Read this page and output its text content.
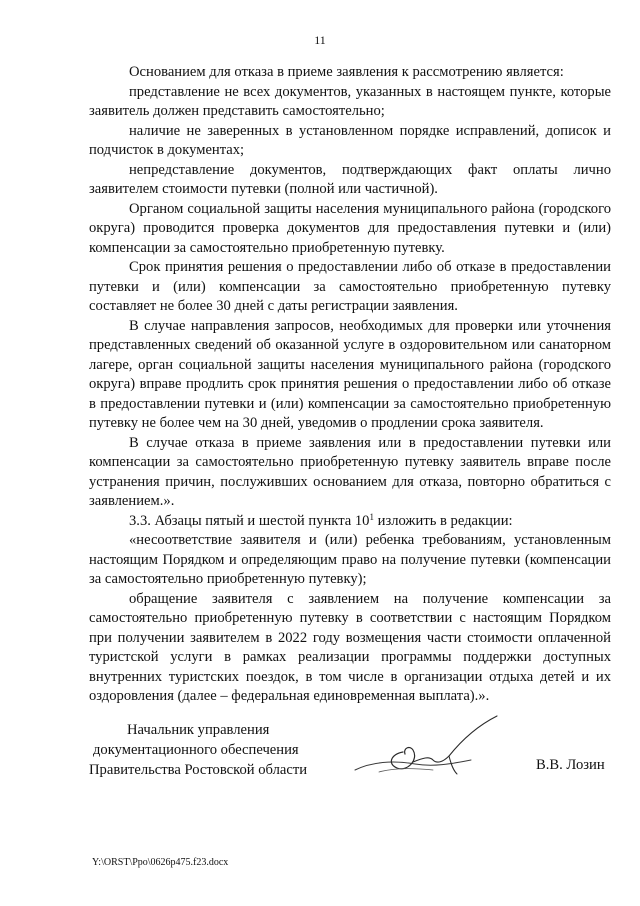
11

Основанием для отказа в приеме заявления к рассмотрению является:

представление не всех документов, указанных в настоящем пункте, которые заявитель должен представить самостоятельно;

наличие не заверенных в установленном порядке исправлений, дописок и подчисток в документах;

непредставление документов, подтверждающих факт оплаты лично заявителем стоимости путевки (полной или частичной).

Органом социальной защиты населения муниципального района (городского округа) проводится проверка документов для предоставления путевки и (или) компенсации за самостоятельно приобретенную путевку.

Срок принятия решения о предоставлении либо об отказе в предоставлении путевки и (или) компенсации за самостоятельно приобретенную путевку составляет не более 30 дней с даты регистрации заявления.

В случае направления запросов, необходимых для проверки или уточнения представленных сведений об оказанной услуге в оздоровительном или санаторном лагере, орган социальной защиты населения муниципального района (городского округа) вправе продлить срок принятия решения о предоставлении либо об отказе в предоставлении путевки и (или) компенсации за самостоятельно приобретенную путевку не более чем на 30 дней, уведомив о продлении срока заявителя.

В случае отказа в приеме заявления или в предоставлении путевки или компенсации за самостоятельно приобретенную путевку заявитель вправе после устранения причин, послуживших основанием для отказа, повторно обратиться с заявлением.».

3.3. Абзацы пятый и шестой пункта $10^1$ изложить в редакции:

«несоответствие заявителя и (или) ребенка требованиям, установленным настоящим Порядком и определяющим право на получение путевки (компенсации за самостоятельно приобретенную путевку);

обращение заявителя с заявлением на получение компенсации за самостоятельно приобретенную путевку в соответствии с настоящим Порядком при получении заявителем в 2022 году возмещения части стоимости оплаченной туристской услуги в рамках реализации программы поддержки доступных внутренних туристских поездок, в том числе в организации отдыха детей и их оздоровления (далее – федеральная единовременная выплата).».

Начальник управления
документационного обеспечения
Правительства Ростовской области	В.В. Лозин
Y:\ORST\Ppo\0626p475.f23.docx
